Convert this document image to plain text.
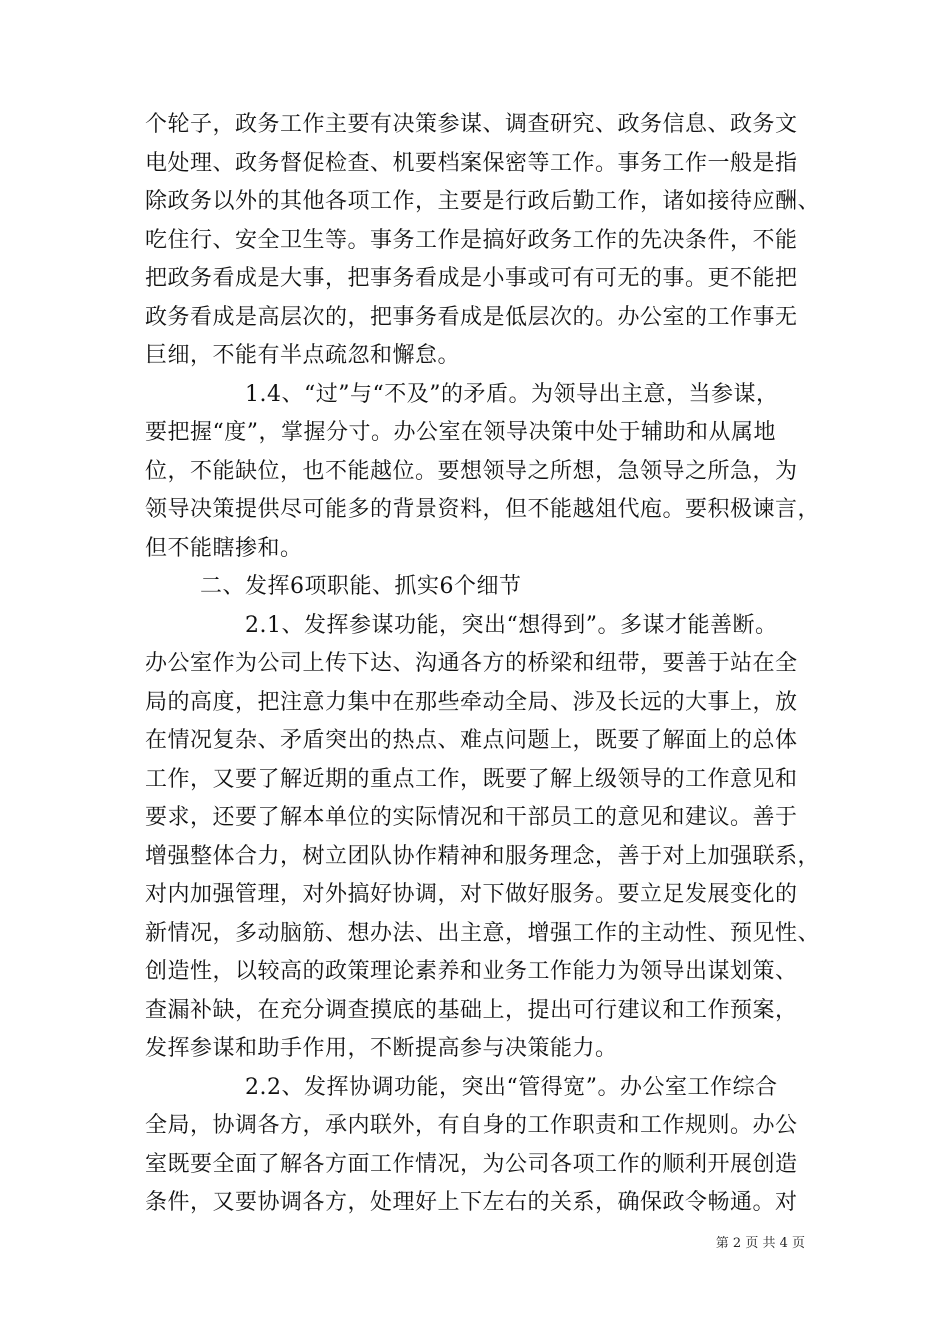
个轮子，政务工作主要有决策参谋、调查研究、政务信息、政务文
电处理、政务督促检查、机要档案保密等工作。事务工作一般是指
除政务以外的其他各项工作，主要是行政后勤工作，诸如接待应酬、
吃住行、安全卫生等。事务工作是搞好政务工作的先决条件，不能
把政务看成是大事，把事务看成是小事或可有可无的事。更不能把
政务看成是高层次的，把事务看成是低层次的。办公室的工作事无
巨细，不能有半点疏忽和懈怠。
1.4、“过”与“不及”的矛盾。为领导出主意，当参谋，
要把握“度”，掌握分寸。办公室在领导决策中处于辅助和从属地
位，不能缺位，也不能越位。要想领导之所想，急领导之所急，为
领导决策提供尽可能多的背景资料，但不能越俎代庖。要积极谏言，
但不能瞎掺和。
二、发挥6项职能、抓实6个细节
2.1、发挥参谋功能，突出“想得到”。多谋才能善断。
办公室作为公司上传下达、沟通各方的桥梁和纽带，要善于站在全
局的高度，把注意力集中在那些牵动全局、涉及长远的大事上，放
在情况复杂、矛盾突出的热点、难点问题上，既要了解面上的总体
工作，又要了解近期的重点工作，既要了解上级领导的工作意见和
要求，还要了解本单位的实际情况和干部员工的意见和建议。善于
增强整体合力，树立团队协作精神和服务理念，善于对上加强联系，
对内加强管理，对外搞好协调，对下做好服务。要立足发展变化的
新情况，多动脑筋、想办法、出主意，增强工作的主动性、预见性、
创造性，以较高的政策理论素养和业务工作能力为领导出谋划策、
查漏补缺，在充分调查摸底的基础上，提出可行建议和工作预案，
发挥参谋和助手作用，不断提高参与决策能力。
2.2、发挥协调功能，突出“管得宽”。办公室工作综合
全局，协调各方，承内联外，有自身的工作职责和工作规则。办公
室既要全面了解各方面工作情况，为公司各项工作的顺利开展创造
条件，又要协调各方，处理好上下左右的关系，确保政令畅通。对
第 2 页 共 4 页
